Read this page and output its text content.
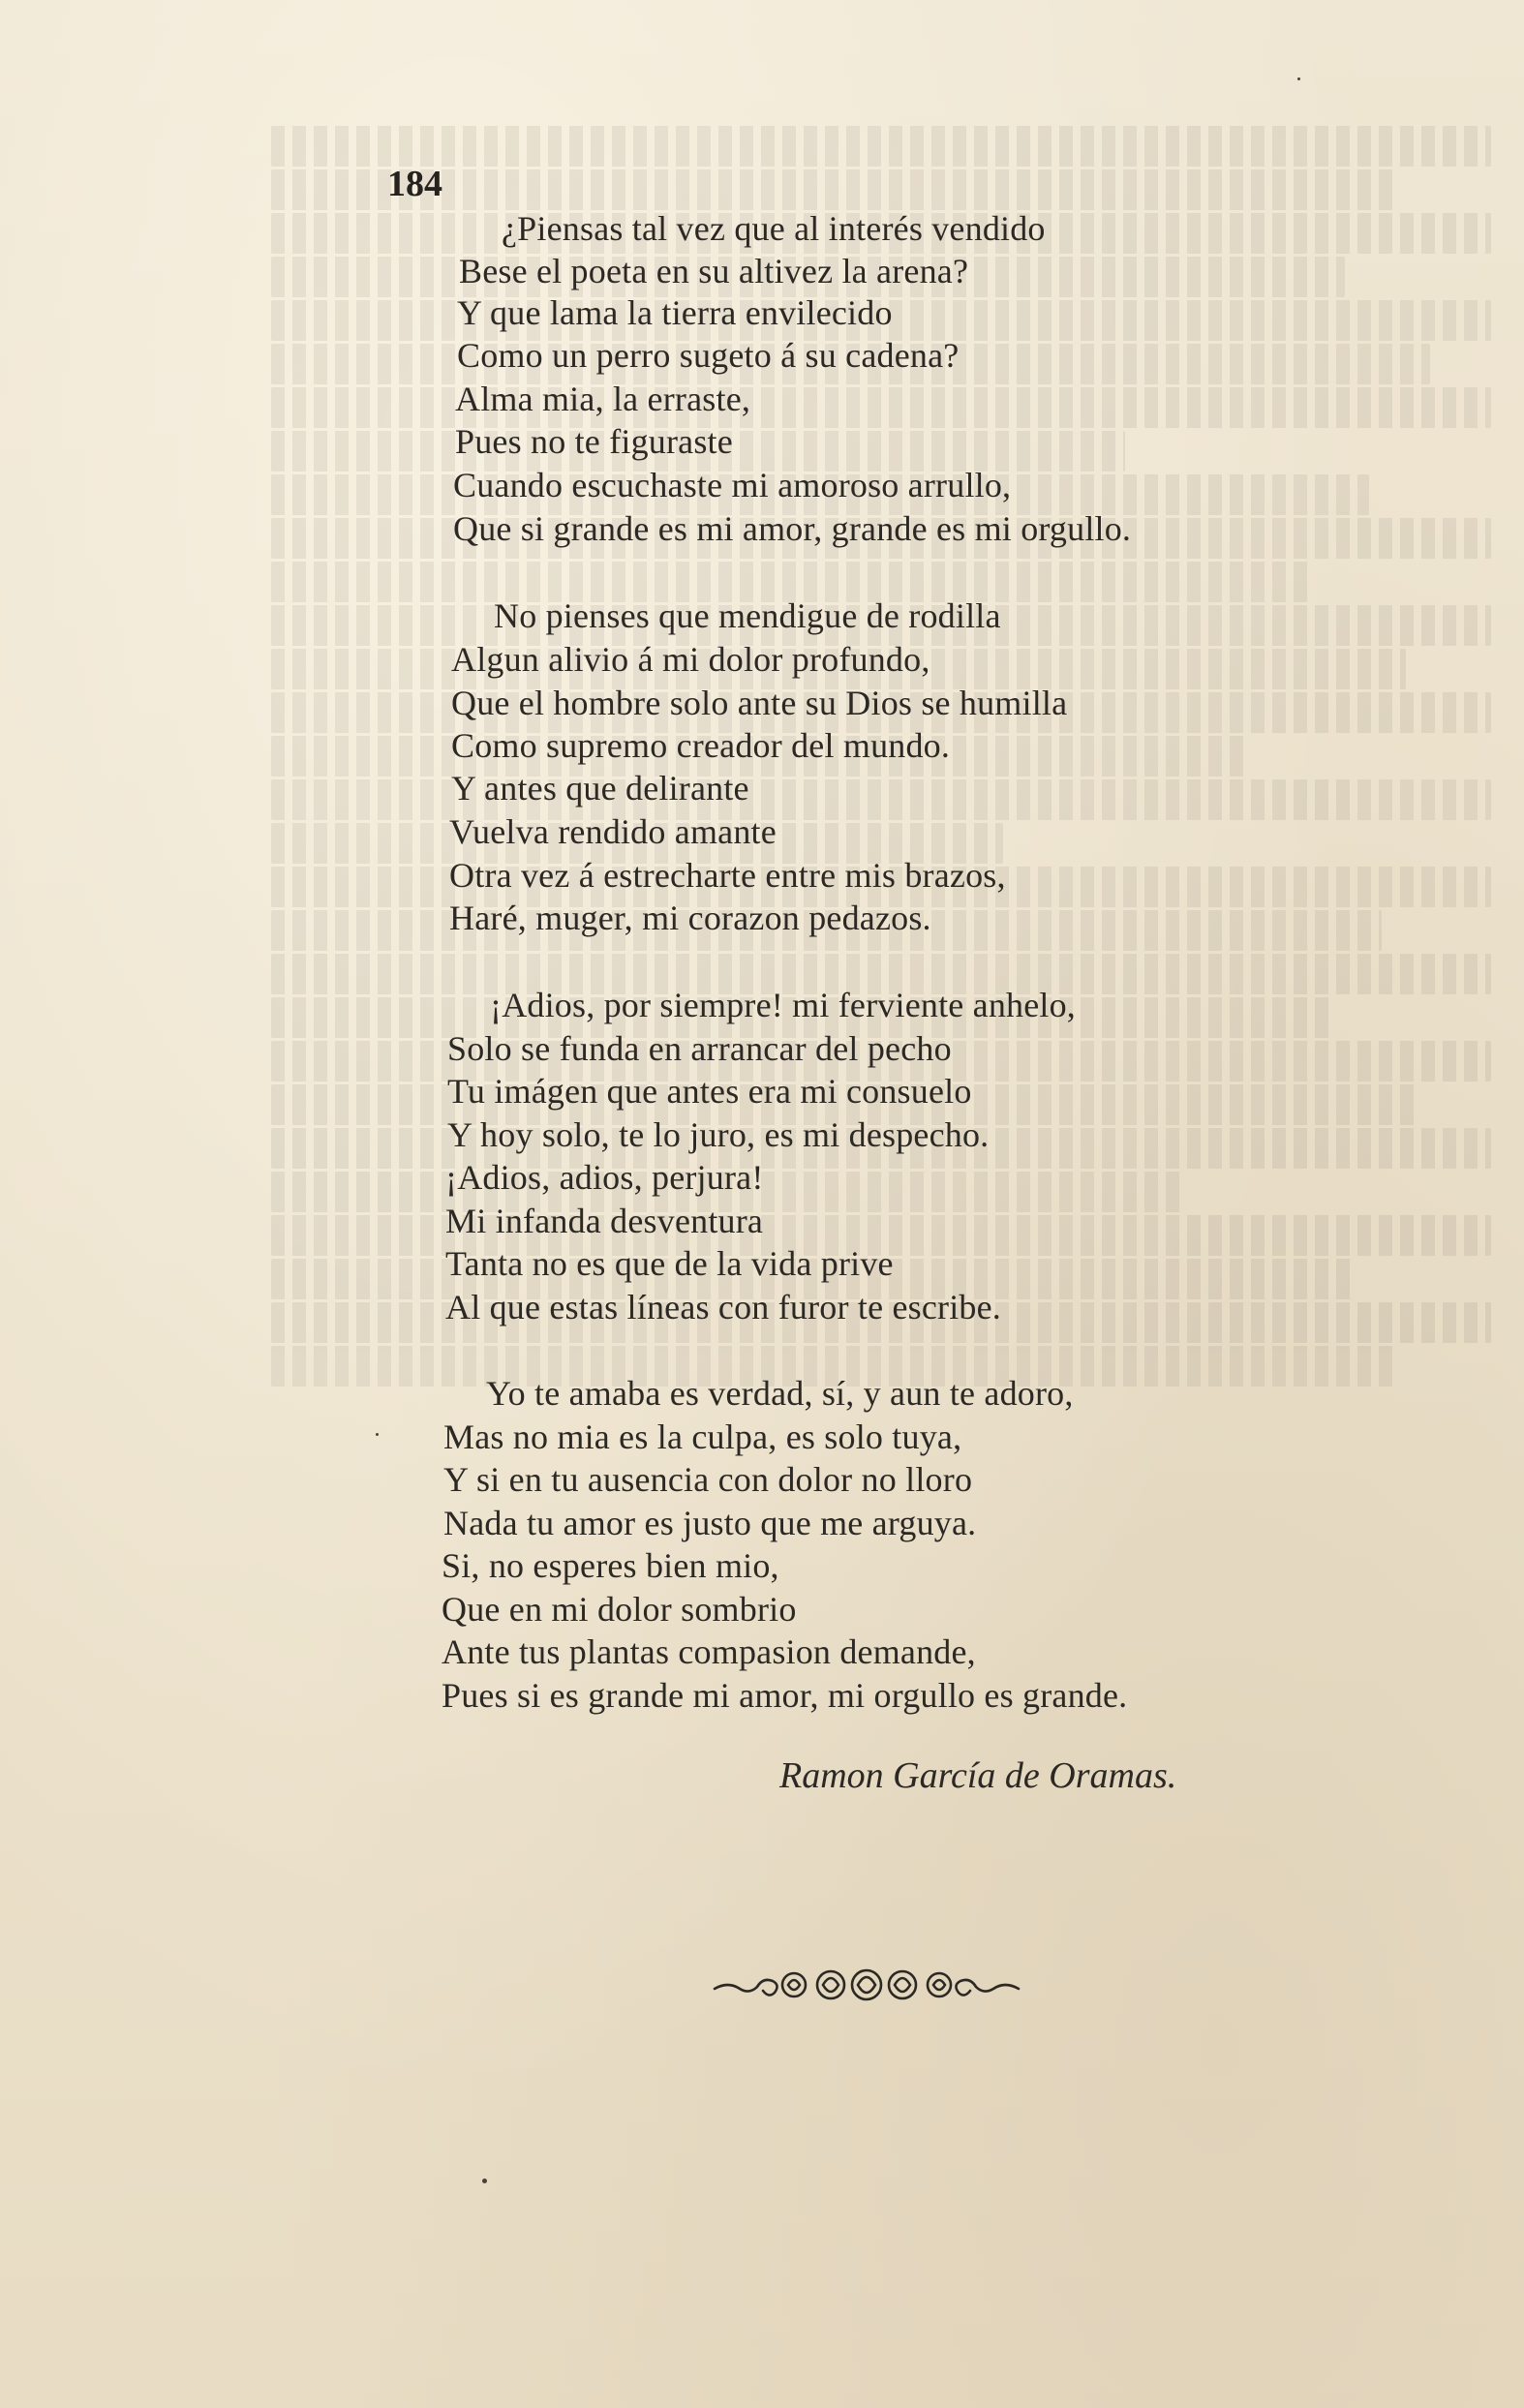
184
¿Piensas tal vez que al interés vendido
Bese el poeta en su altivez la arena?
Y que lama la tierra envilecido
Como un perro sugeto á su cadena?
Alma mia, la erraste,
Pues no te figuraste
Cuando escuchaste mi amoroso arrullo,
Que si grande es mi amor, grande es mi orgullo.
No pienses que mendigue de rodilla
Algun alivio á mi dolor profundo,
Que el hombre solo ante su Dios se humilla
Como supremo creador del mundo.
Y antes que delirante
Vuelva rendido amante
Otra vez á estrecharte entre mis brazos,
Haré, muger, mi corazon pedazos.
¡Adios, por siempre! mi ferviente anhelo,
Solo se funda en arrancar del pecho
Tu imágen que antes era mi consuelo
Y hoy solo, te lo juro, es mi despecho.
¡Adios, adios, perjura!
Mi infanda desventura
Tanta no es que de la vida prive
Al que estas líneas con furor te escribe.
Yo te amaba es verdad, sí, y aun te adoro,
Mas no mia es la culpa, es solo tuya,
Y si en tu ausencia con dolor no lloro
Nada tu amor es justo que me arguya.
Si, no esperes bien mio,
Que en mi dolor sombrio
Ante tus plantas compasion demande,
Pues si es grande mi amor, mi orgullo es grande.
Ramon García de Oramas.
